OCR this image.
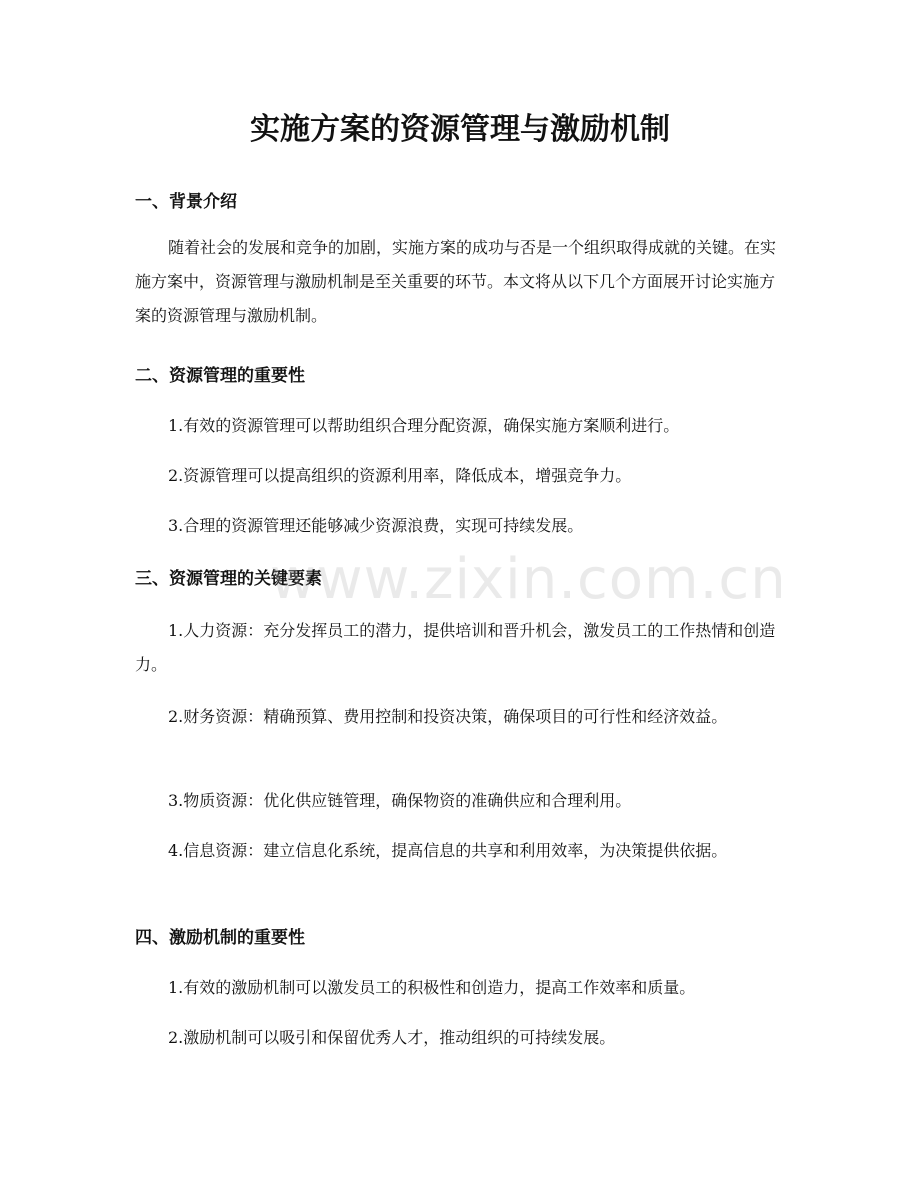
实施方案的资源管理与激励机制
一、背景介绍

随着社会的发展和竞争的加剧，实施方案的成功与否是一个组织取得成就的关键。在实施方案中，资源管理与激励机制是至关重要的环节。本文将从以下几个方面展开讨论实施方案的资源管理与激励机制。

二、资源管理的重要性

1.有效的资源管理可以帮助组织合理分配资源，确保实施方案顺利进行。

2.资源管理可以提高组织的资源利用率，降低成本，增强竞争力。

3.合理的资源管理还能够减少资源浪费，实现可持续发展。

三、资源管理的关键要素

1.人力资源：充分发挥员工的潜力，提供培训和晋升机会，激发员工的工作热情和创造力。

2.财务资源：精确预算、费用控制和投资决策，确保项目的可行性和经济效益。

3.物质资源：优化供应链管理，确保物资的准确供应和合理利用。

4.信息资源：建立信息化系统，提高信息的共享和利用效率，为决策提供依据。

四、激励机制的重要性

1.有效的激励机制可以激发员工的积极性和创造力，提高工作效率和质量。

2.激励机制可以吸引和保留优秀人才，推动组织的可持续发展。

www.zixin.com.cn
